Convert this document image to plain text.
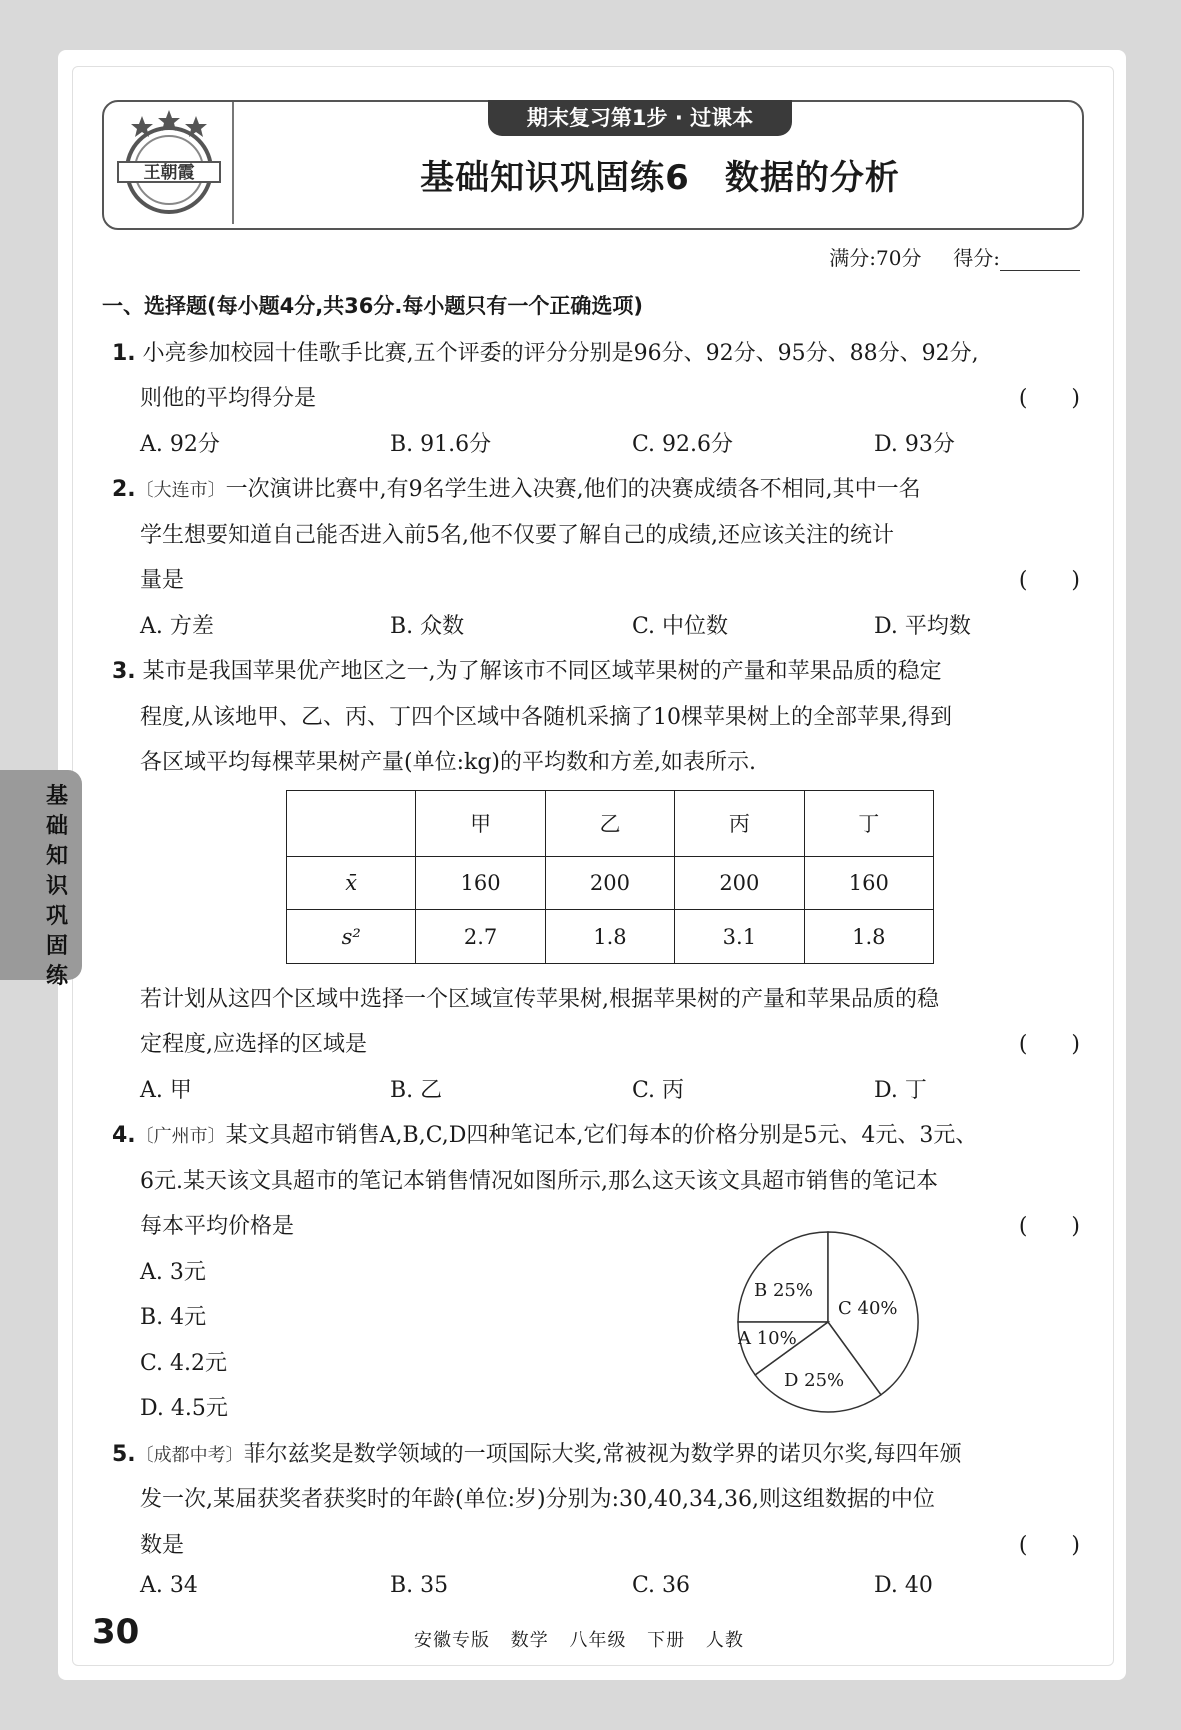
王朝霞
期末复习第1步 · 过课本
基础知识巩固练6　数据的分析
满分:70分 得分:
基
础
知
识
巩
固
练
一、选择题(每小题4分,共36分.每小题只有一个正确选项)
1. 小亮参加校园十佳歌手比赛,五个评委的评分分别是96分、92分、95分、88分、92分,
则他的平均得分是	(　　)
A. 92分	B. 91.6分	C. 92.6分	D. 93分
2.〔大连市〕一次演讲比赛中,有9名学生进入决赛,他们的决赛成绩各不相同,其中一名
学生想要知道自己能否进入前5名,他不仅要了解自己的成绩,还应该关注的统计
量是	(　　)
A. 方差	B. 众数	C. 中位数	D. 平均数
3. 某市是我国苹果优产地区之一,为了解该市不同区域苹果树的产量和苹果品质的稳定
程度,从该地甲、乙、丙、丁四个区域中各随机采摘了10棵苹果树上的全部苹果,得到
各区域平均每棵苹果树产量(单位:kg)的平均数和方差,如表所示.
	甲	乙	丙	丁
x̄	160	200	200	160
s²	2.7	1.8	3.1	1.8
若计划从这四个区域中选择一个区域宣传苹果树,根据苹果树的产量和苹果品质的稳
定程度,应选择的区域是	(　　)
A. 甲	B. 乙	C. 丙	D. 丁
4.〔广州市〕某文具超市销售A,B,C,D四种笔记本,它们每本的价格分别是5元、4元、3元、
6元.某天该文具超市的笔记本销售情况如图所示,那么这天该文具超市销售的笔记本
每本平均价格是	(　　)
A. 3元
B. 4元
C. 4.2元
D. 4.5元
B 25%
C 40%
D 25%
A 10%
5.〔成都中考〕菲尔兹奖是数学领域的一项国际大奖,常被视为数学界的诺贝尔奖,每四年颁
发一次,某届获奖者获奖时的年龄(单位:岁)分别为:30,40,34,36,则这组数据的中位
数是	(　　)
A. 34	B. 35	C. 36	D. 40
30	安徽专版 数学 八年级 下册 人教
